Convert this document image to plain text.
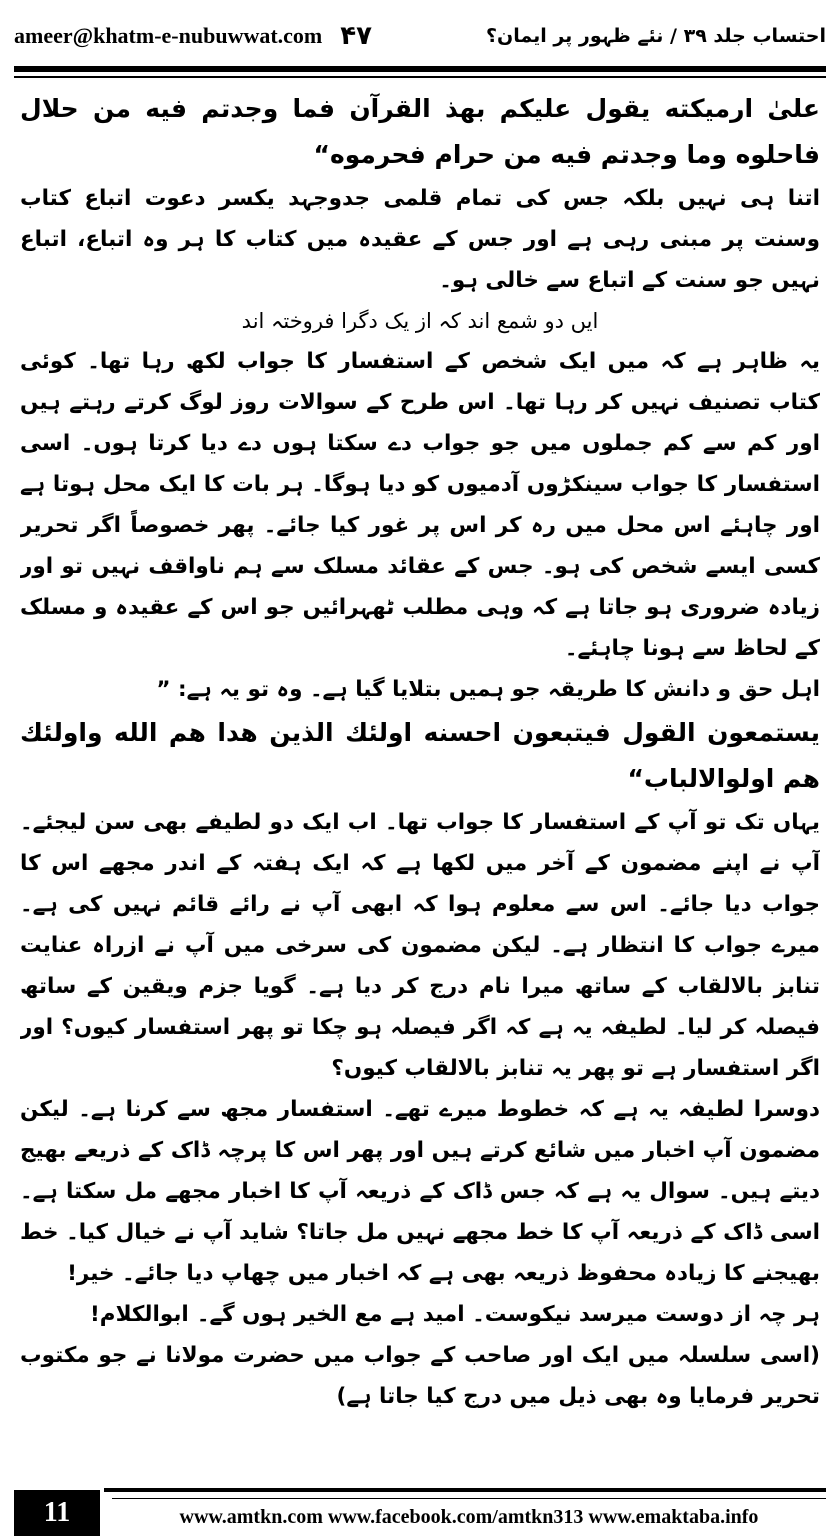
ameer@khatm-e-nubuwwat.com ۴۷	احتساب جلد ۳۹ / نئے ظہور پر ایمان؟

علىٰ ارميكته يقول عليكم بهذ القرآن فما وجدتم فيه من حلال فاحلوه وما وجدتم فيه من حرام فحرموه“

اتنا ہی نہیں بلکہ جس کی تمام قلمی جدوجہد یکسر دعوت اتباع کتاب وسنت پر مبنی رہی ہے اور جس کے عقیدہ میں کتاب کا ہر وہ اتباع، اتباع نہیں جو سنت کے اتباع سے خالی ہو۔

ایں دو شمع اند کہ از یک دگرا فروختہ اند

یہ ظاہر ہے کہ میں ایک شخص کے استفسار کا جواب لکھ رہا تھا۔ کوئی کتاب تصنیف نہیں کر رہا تھا۔ اس طرح کے سوالات روز لوگ کرتے رہتے ہیں اور کم سے کم جملوں میں جو جواب دے سکتا ہوں دے دیا کرتا ہوں۔ اسی استفسار کا جواب سینکڑوں آدمیوں کو دیا ہوگا۔ ہر بات کا ایک محل ہوتا ہے اور چاہئے اس محل میں رہ کر اس پر غور کیا جائے۔ پھر خصوصاً اگر تحریر کسی ایسے شخص کی ہو۔ جس کے عقائد مسلک سے ہم ناواقف نہیں تو اور زیادہ ضروری ہو جاتا ہے کہ وہی مطلب ٹھہرائیں جو اس کے عقیدہ و مسلک کے لحاظ سے ہونا چاہئے۔

اہل حق و دانش کا طریقہ جو ہمیں بتلایا گیا ہے۔ وہ تو یہ ہے: ”

يستمعون القول فيتبعون احسنه اولئك الذين هدا هم الله واولئك هم اولوالالباب“

یہاں تک تو آپ کے استفسار کا جواب تھا۔ اب ایک دو لطیفے بھی سن لیجئے۔ آپ نے اپنے مضمون کے آخر میں لکھا ہے کہ ایک ہفتہ کے اندر مجھے اس کا جواب دیا جائے۔ اس سے معلوم ہوا کہ ابھی آپ نے رائے قائم نہیں کی ہے۔ میرے جواب کا انتظار ہے۔ لیکن مضمون کی سرخی میں آپ نے ازراہ عنایت تنابز بالالقاب کے ساتھ میرا نام درج کر دیا ہے۔ گویا جزم ویقین کے ساتھ فیصلہ کر لیا۔ لطیفہ یہ ہے کہ اگر فیصلہ ہو چکا تو پھر استفسار کیوں؟ اور اگر استفسار ہے تو پھر یہ تنابز بالالقاب کیوں؟

دوسرا لطیفہ یہ ہے کہ خطوط میرے تھے۔ استفسار مجھ سے کرنا ہے۔ لیکن مضمون آپ اخبار میں شائع کرتے ہیں اور پھر اس کا پرچہ ڈاک کے ذریعے بھیج دیتے ہیں۔ سوال یہ ہے کہ جس ڈاک کے ذریعہ آپ کا اخبار مجھے مل سکتا ہے۔ اسی ڈاک کے ذریعہ آپ کا خط مجھے نہیں مل جاتا؟ شاید آپ نے خیال کیا۔ خط بھیجنے کا زیادہ محفوظ ذریعہ بھی ہے کہ اخبار میں چھاپ دیا جائے۔ خیر!

ہر چہ از دوست میرسد نیکوست۔ امید ہے مع الخیر ہوں گے۔

ابوالکلام!

(اسی سلسلہ میں ایک اور صاحب کے جواب میں حضرت مولانا نے جو مکتوب تحریر فرمایا وہ بھی ذیل میں درج کیا جاتا ہے)

11	www.amtkn.com www.facebook.com/amtkn313 www.emaktaba.info
